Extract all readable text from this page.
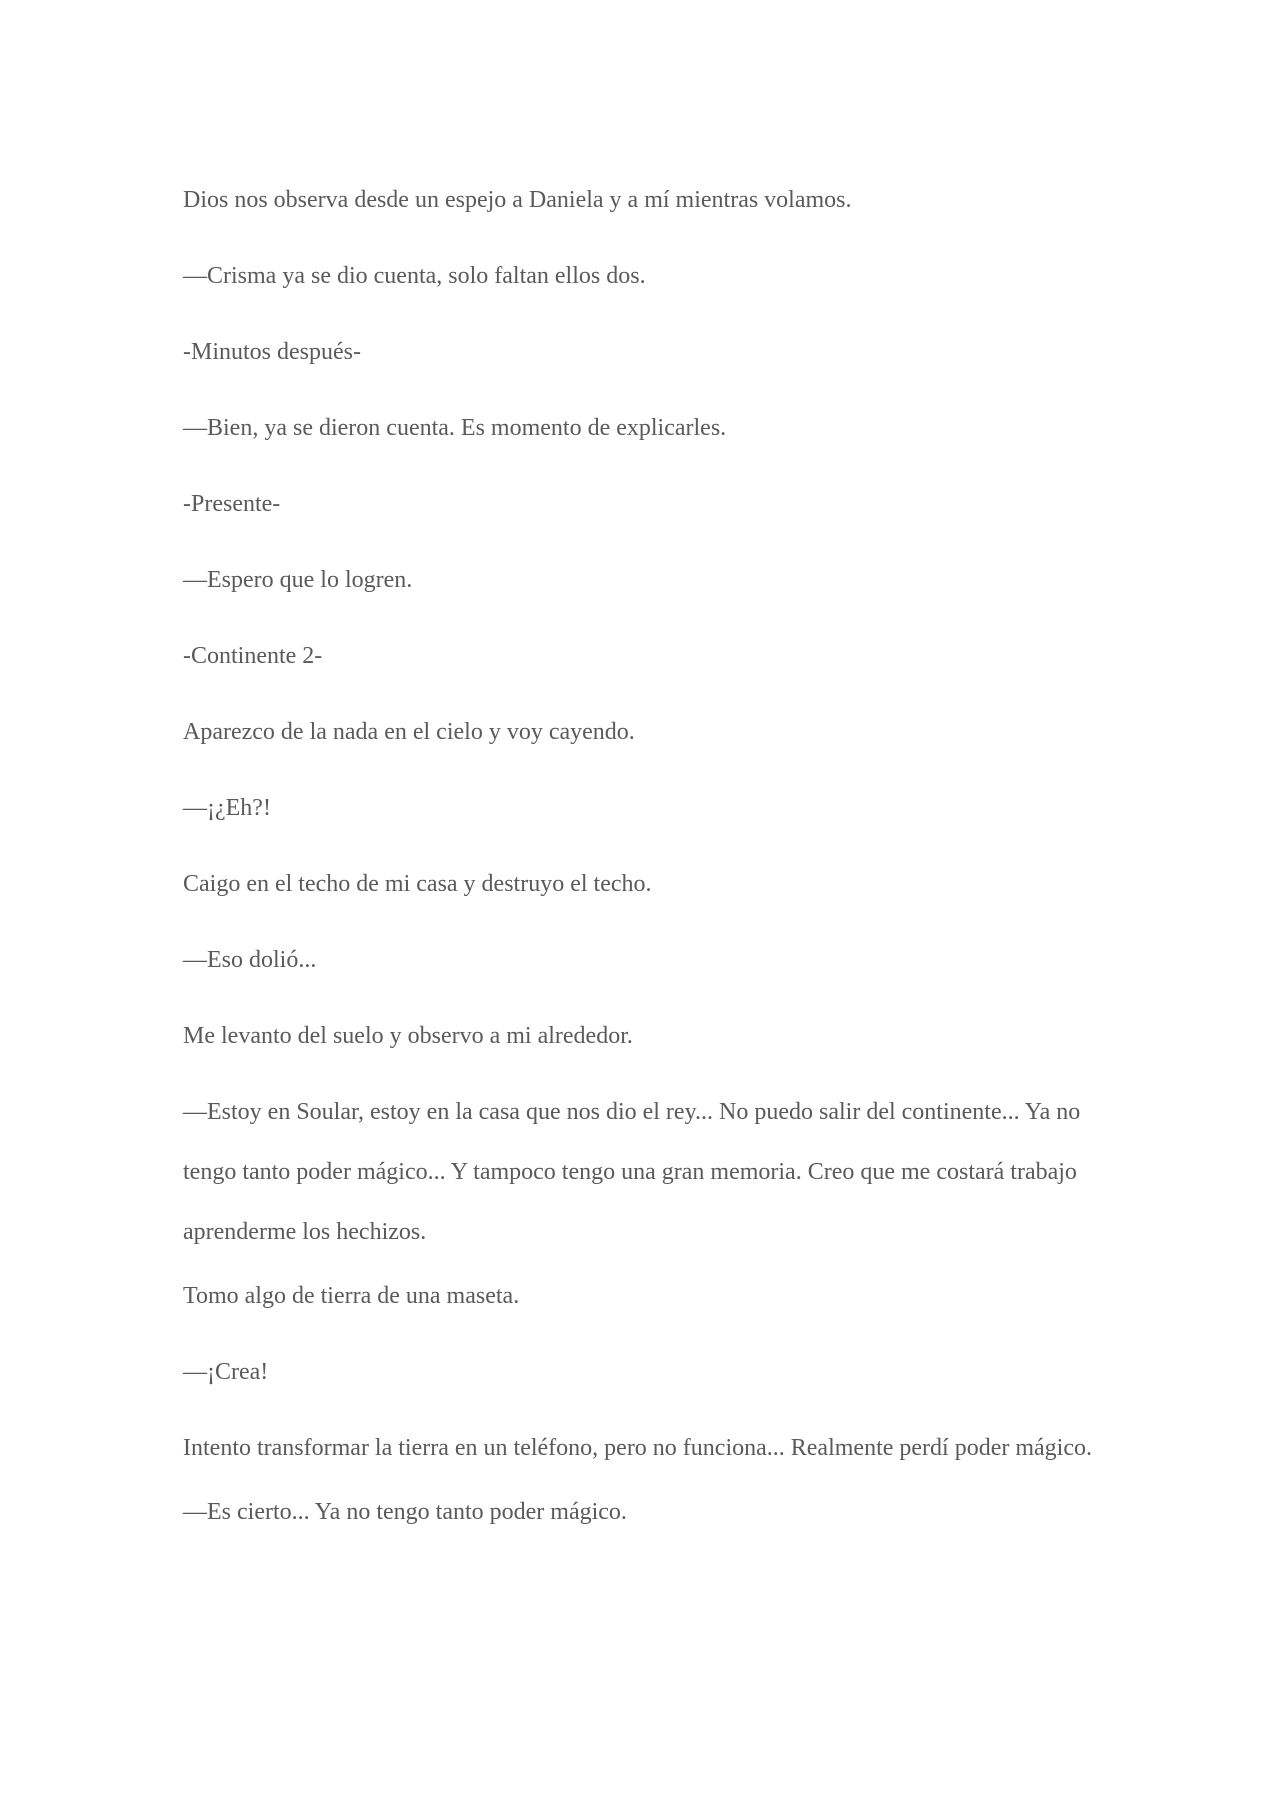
Dios nos observa desde un espejo a Daniela y a mí mientras volamos.

—Crisma ya se dio cuenta, solo faltan ellos dos.

-Minutos después-

—Bien, ya se dieron cuenta. Es momento de explicarles.

-Presente-

—Espero que lo logren.

-Continente 2-

Aparezco de la nada en el cielo y voy cayendo.

—¡¿Eh?!

Caigo en el techo de mi casa y destruyo el techo.

—Eso dolió...

Me levanto del suelo y observo a mi alrededor.

—Estoy en Soular, estoy en la casa que nos dio el rey... No puedo salir del continente... Ya no tengo tanto poder mágico... Y tampoco tengo una gran memoria. Creo que me costará trabajo aprenderme los hechizos.

Tomo algo de tierra de una maseta.

—¡Crea!

Intento transformar la tierra en un teléfono, pero no funciona... Realmente perdí poder mágico.

—Es cierto... Ya no tengo tanto poder mágico.
